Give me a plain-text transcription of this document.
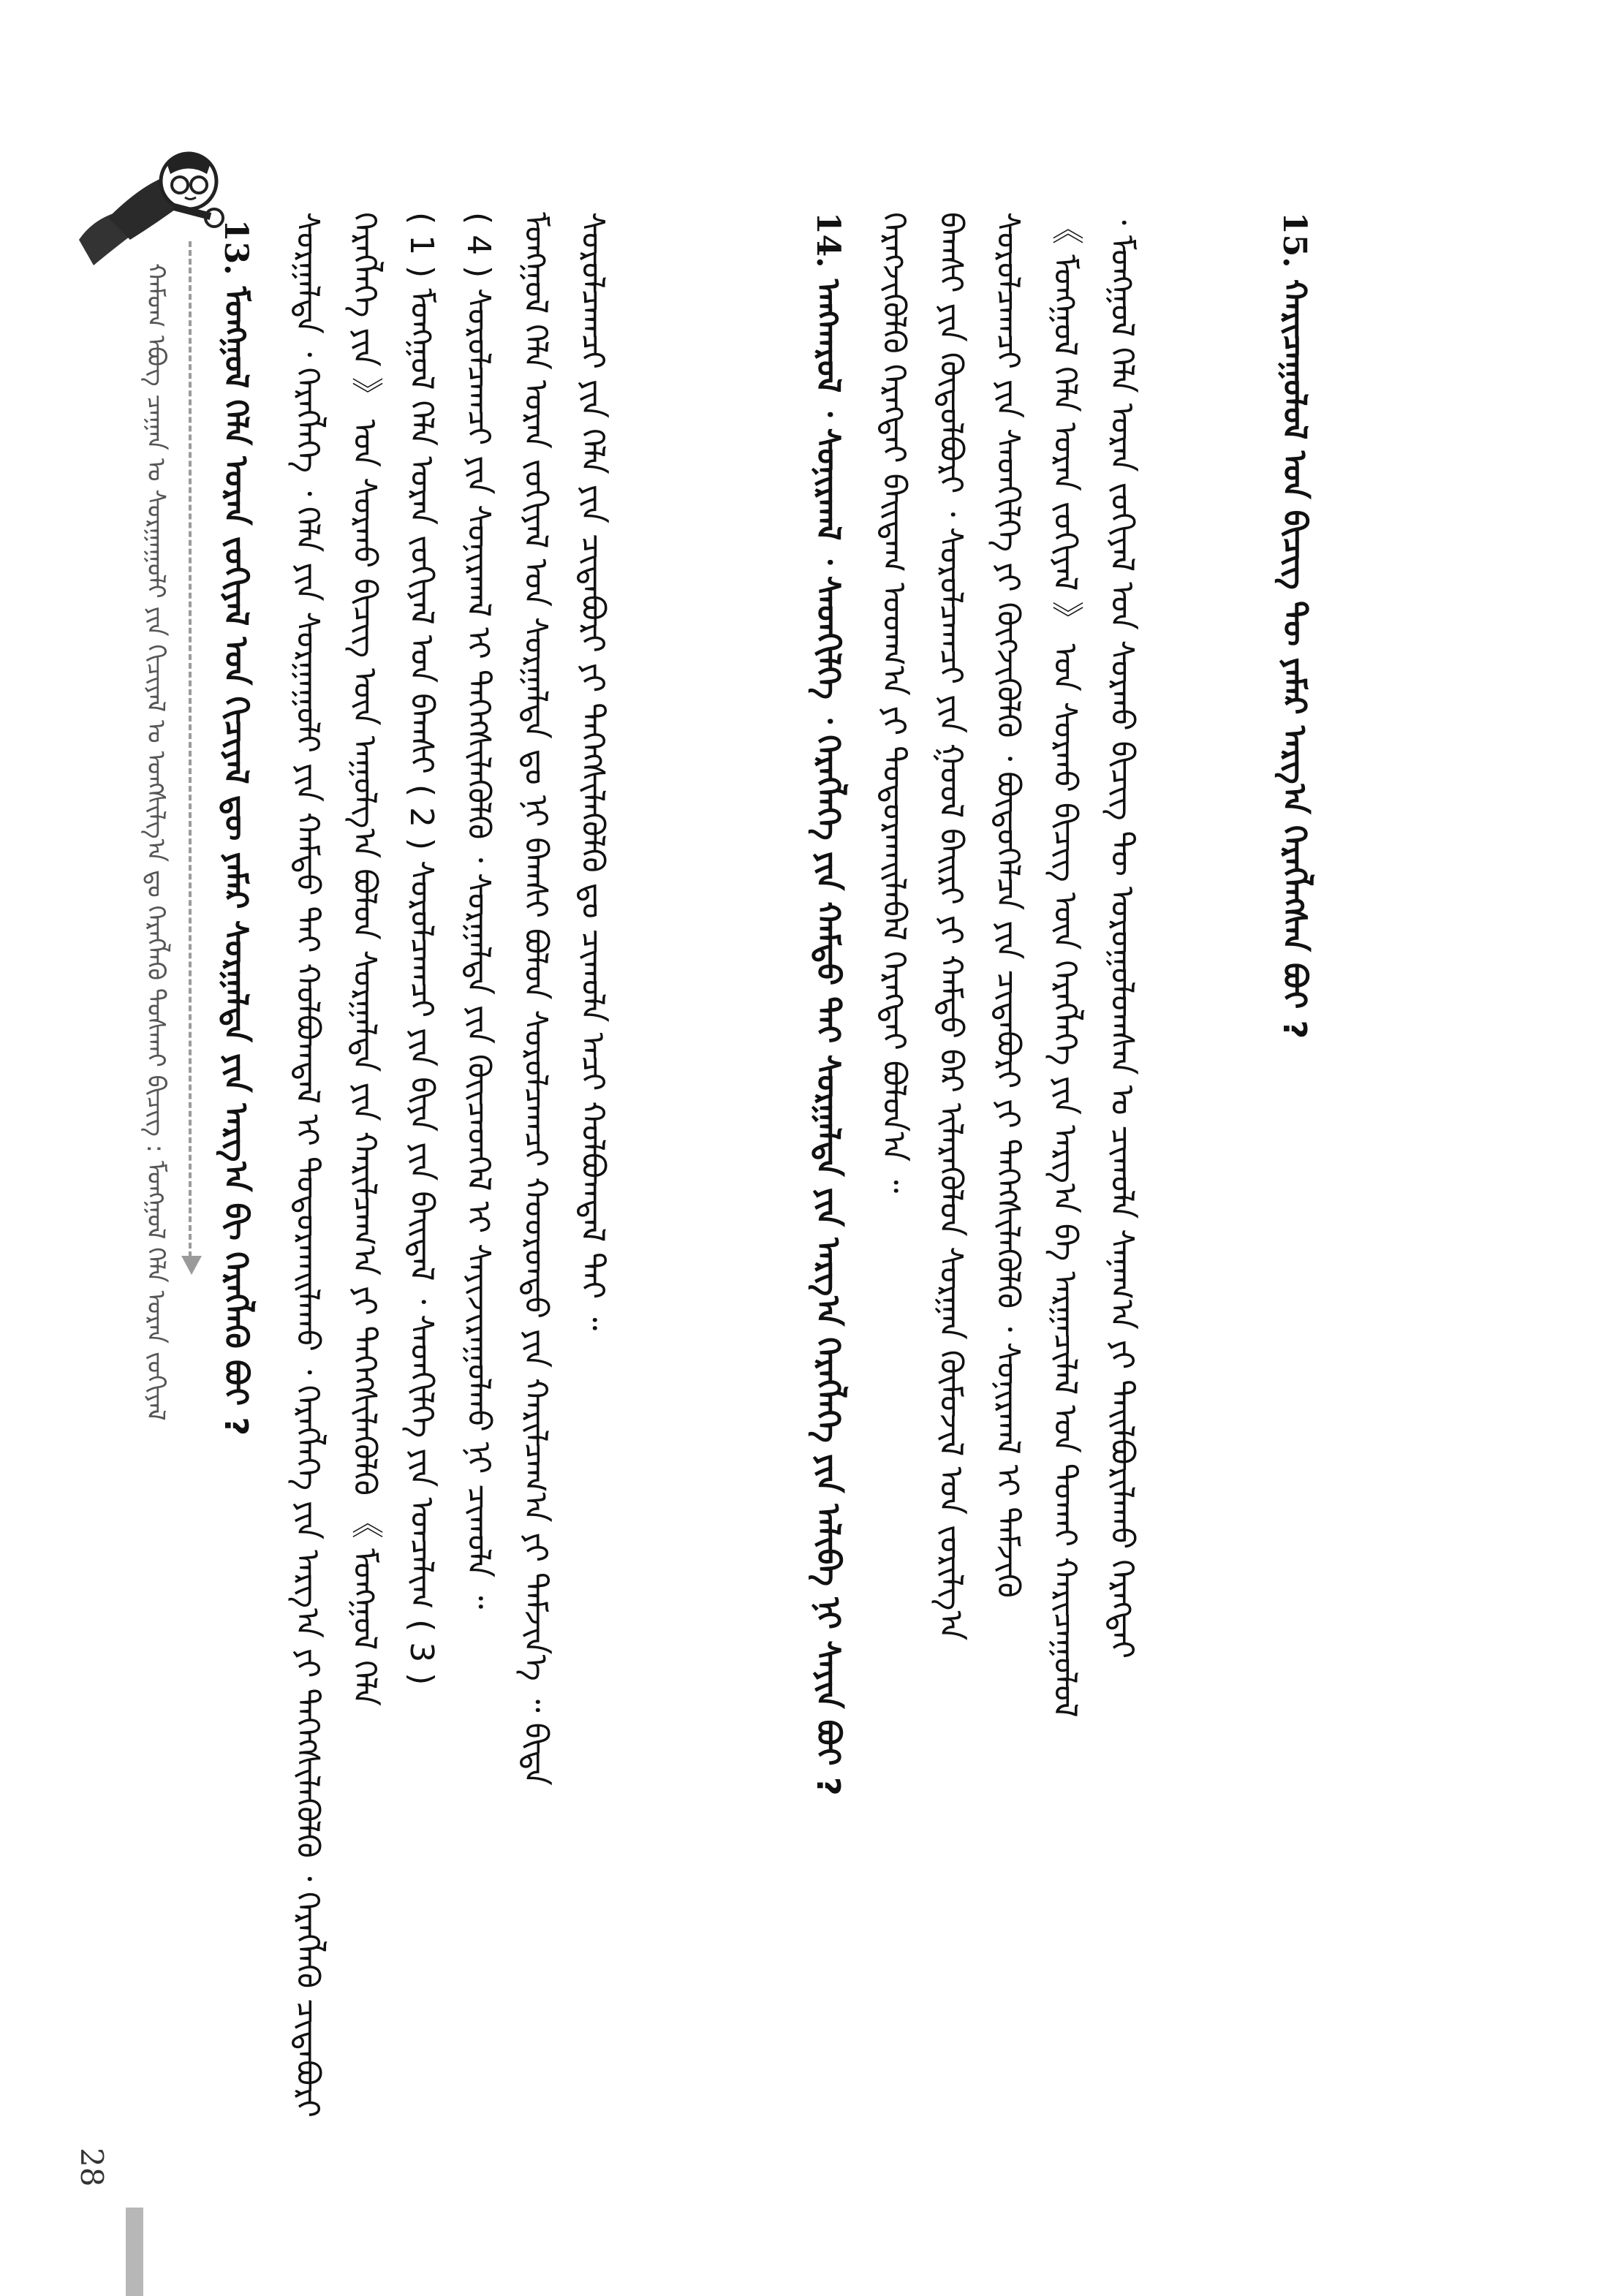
ᠬᠠᠮᠤᠭ ᠡᠪᠦᠭ ᠴᠠᠭᠠᠨ ᠤ ᠰᠤᠷᠭᠠᠭᠤᠯᠢ ᠶᠢᠨ ᠬᠢᠴᠢᠶᠡᠯ ᠤ ᠤᠩᠰᠢᠯᠭ᠎ᠠ ᠳᠤ ᠬᠡᠷᠡᠭᠯᠡᠬᠦ ᠲᠤᠰᠬᠠᠢ ᠪᠢᠴᠢᠭ : ᠮᠣᠩᠭᠣᠯ ᠬᠡᠯᠡ ᠤᠷᠠᠨ ᠵᠣᠬᠢᠶᠠᠯ
13. ᠮᠣᠩᠭᠣᠯ ᠬᠡᠯᠡ ᠤᠷᠠᠨ ᠵᠣᠬᠢᠶᠠᠯ ᠤᠨ ᠬᠢᠴᠢᠶᠡᠯ ᠳᠦ ᠶᠠᠮᠠᠷ ᠰᠤᠷᠭᠠᠯᠲᠠ ᠶᠢᠨ ᠠᠷᠭ᠎ᠠ ᠪᠢ ᠬᠡᠷᠡᠭᠯᠡᠬᠦ ᠪᠤᠢ ? ᠰᠤᠷᠭᠠᠯᠲᠠ ᠂ ᠬᠡᠷᠡᠭᠯᠡᠭᠡ ᠂ ᠬᠡᠯᠡ ᠶᠢᠨ ᠰᠤᠷᠭᠠᠭᠤᠯᠢ ᠶᠢᠨ ᠬᠠᠮᠲᠤ ᠳᠠᠢ ᠬᠣᠯᠪᠣᠭᠳᠠᠯ ᠢ ᠲᠣᠳᠣᠷᠬᠠᠢᠯᠠᠬᠤ ᠂ ᠬᠡᠷᠡᠭᠯᠡᠭᠡ ᠶᠢᠨ ᠠᠷᠭ᠎ᠠ ᠶᠢ ᠳᠡᠭᠡᠭᠰᠢᠯᠡᠭᠦᠯᠬᠦ ᠂ ᠬᠡᠷᠡᠭᠯᠡᠬᠦ ᠴᠢᠳᠠᠪᠤᠷᠢ ᠬᠡᠷᠡᠭᠯᠡᠭᠡ ᠶᠢᠨ 》 ᠤᠨ ᠰᠤᠷᠬᠤ ᠪᠢᠴᠢᠭ ᠦᠨ ᠠᠭᠤᠯᠭ᠎ᠠ ᠪᠤᠯᠤᠨ ᠰᠤᠷᠭᠠᠯᠲᠠ ᠶᠢᠨ ᠬᠠᠷᠢᠯᠴᠠᠭ᠎ᠠ ᠶᠢ ᠳᠡᠭᠡᠭᠰᠢᠯᠡᠭᠦᠯᠬᠦ 《 ᠮᠣᠩᠭᠣᠯ ᠬᠡᠯᠡ ( 1 ) ᠮᠣᠩᠭᠣᠯ ᠬᠡᠯᠡ ᠤᠷᠠᠨ ᠵᠣᠬᠢᠶᠠᠯ ᠤᠨ ᠪᠠᠭᠰᠢ ( 2 ) ᠰᠤᠷᠤᠯᠴᠠᠭᠴᠢ ᠶᠢᠨ ᠪᠢᠶᠡ ᠶᠢᠨ ᠪᠠᠢᠳᠠᠯ ᠂ ᠰᠡᠳᠬᠢᠯᠭᠡ ᠶᠢᠨ ᠣᠨᠴᠠᠯᠢᠭ ( 3 ) ( 4 ) ᠰᠤᠷᠤᠯᠴᠠᠭᠴᠢ ᠶᠢᠨ ᠰᠣᠨᠢᠷᠬᠠᠯ ᠢ ᠳᠡᠭᠡᠭᠰᠢᠯᠡᠭᠦᠯᠬᠦ ᠂ ᠰᠤᠷᠭᠠᠯᠲᠠ ᠶᠢᠨ ᠭᠦᠢᠴᠡᠳᠭᠡᠯ ᠢ ᠰᠠᠶᠢᠵᠢᠷᠠᠭᠤᠯᠬᠤ ᠨᠢ ᠴᠢᠬᠤᠯᠠ ᠃ ᠮᠣᠩᠭᠣᠯ ᠬᠡᠯᠡ ᠤᠷᠠᠨ ᠵᠣᠬᠢᠶᠠᠯ ᠤᠨ ᠰᠤᠷᠭᠠᠯᠲᠠ ᠳᠤ ᠨᠢ ᠪᠠᠭᠰᠢ ᠪᠤᠯᠤᠨ ᠰᠤᠷᠤᠯᠴᠠᠭᠴᠢ ᠬᠣᠣᠷᠣᠨᠳᠣ ᠶᠢᠨ ᠬᠠᠷᠢᠯᠴᠠᠭ᠎ᠠ ᠶᠢ ᠳᠡᠮᠵᠢᠨ᠎ᠡ ᠃ ᠪᠢᠳᠡ ᠰᠤᠷᠤᠯᠴᠠᠭᠴᠢ ᠶᠢᠨ ᠬᠡᠯᠡ ᠶᠢᠨ ᠴᠢᠳᠠᠪᠤᠷᠢ ᠶᠢ ᠳᠡᠭᠡᠭᠰᠢᠯᠡᠭᠦᠯᠬᠦ ᠳᠤ ᠴᠢᠬᠤᠯᠠ ᠠᠴᠢ ᠬᠣᠯᠪᠣᠭᠳᠠᠯ ᠲᠠᠢ ᠃	14. ᠠᠩᠬᠠᠷᠤᠯ ᠂ ᠰᠣᠨᠢᠷᠬᠠᠯ ᠂ ᠰᠡᠳᠬᠢᠯᠭᠡ ᠂ ᠬᠡᠷᠡᠭᠯᠡᠭᠡ ᠶᠢᠨ ᠬᠠᠮᠲᠤ ᠳᠠᠢ ᠰᠤᠷᠭᠠᠯᠲᠠ ᠶᠢᠨ ᠠᠷᠭ᠎ᠠ ᠬᠡᠷᠡᠭᠯᠡᠭᠡ ᠶᠢᠨ ᠠᠯᠢᠪᠠ ᠨᠢ ᠰᠠᠶᠢᠨ ᠪᠤᠢ ? ᠬᠡᠷᠡᠭᠵᠢᠭᠦᠯᠬᠦ ᠬᠡᠷᠡᠭᠲᠡᠢ ᠪᠠᠢᠳᠠᠭ ᠤᠳᠬ᠎ᠠ ᠶᠢ ᠲᠣᠳᠣᠷᠬᠠᠢᠯᠠᠪᠠᠯ ᠬᠡᠷᠡᠭᠲᠡᠢ ᠪᠣᠯᠤᠨ᠎ᠠ ᠃ ᠪᠠᠭᠰᠢ ᠶᠢᠨ ᠬᠥᠲᠥᠯᠪᠦᠷᠢ ᠂ ᠰᠤᠷᠤᠯᠴᠠᠭᠴᠢ ᠶᠢᠨ ᠭᠣᠣᠯ ᠪᠠᠢᠷᠢ ᠶᠢ ᠬᠠᠮᠲᠤ ᠪᠠᠷ ᠢᠯᠡᠷᠡᠭᠦᠯᠦᠨ ᠰᠤᠷᠭᠠᠨ ᠬᠦᠮᠦᠵᠢᠯ ᠤᠨ ᠵᠣᠷᠢᠯᠭ᠎ᠠ ᠰᠤᠷᠤᠯᠴᠠᠭᠴᠢ ᠶᠢᠨ ᠰᠡᠳᠬᠢᠯᠭᠡ ᠶᠢ ᠬᠦᠭᠵᠢᠭᠦᠯᠬᠦ ᠂ ᠪᠦᠲᠦᠭᠡᠯᠴᠡ ᠶᠢᠨ ᠴᠢᠳᠠᠪᠤᠷᠢ ᠶᠢ ᠳᠡᠭᠡᠭᠰᠢᠯᠡᠭᠦᠯᠬᠦ ᠂ ᠰᠣᠨᠢᠷᠬᠠᠯ ᠢ ᠳᠡᠮᠵᠢᠬᠦ 《 ᠮᠣᠩᠭᠣᠯ ᠬᠡᠯᠡ ᠤᠷᠠᠨ ᠵᠣᠬᠢᠶᠠᠯ 》 ᠤᠨ ᠰᠤᠷᠬᠤ ᠪᠢᠴᠢᠭ ᠦᠨ ᠬᠡᠷᠡᠭᠯᠡᠭᠡ ᠶᠢᠨ ᠠᠷᠭ᠎ᠠ ᠪᠠ ᠠᠷᠭᠠᠴᠢᠯᠠᠯ ᠤᠨ ᠲᠤᠬᠠᠢ ᠬᠠᠷᠢᠴᠠᠭᠤᠯᠤᠯ ᠎᠂ ᠮᠣᠩᠭᠣᠯ ᠬᠡᠯᠡ ᠤᠷᠠᠨ ᠵᠣᠬᠢᠶᠠᠯ ᠤᠨ ᠰᠤᠷᠬᠤ ᠪᠢᠴᠢᠭ ᠲᠦ ᠣᠷᠤᠭᠤᠯᠤᠭᠰᠠᠨ ᠤ ᠴᠢᠬᠤᠯᠠ ᠰᠠᠨᠠᠭ᠎ᠠ ᠶᠢ ᠲᠠᠢᠯᠪᠤᠷᠢᠯᠠᠬᠤ ᠬᠡᠷᠡᠭᠲᠡᠢ	15. ᠬᠠᠷᠢᠴᠠᠭᠤᠯᠤᠯ ᠤᠨ ᠪᠢᠴᠢᠭ ᠲᠦ ᠶᠠᠮᠠᠷ ᠠᠷᠭ᠎ᠠ ᠬᠡᠷᠡᠭᠯᠡᠭᠰᠡᠨ ᠪᠤᠢ ?
28
